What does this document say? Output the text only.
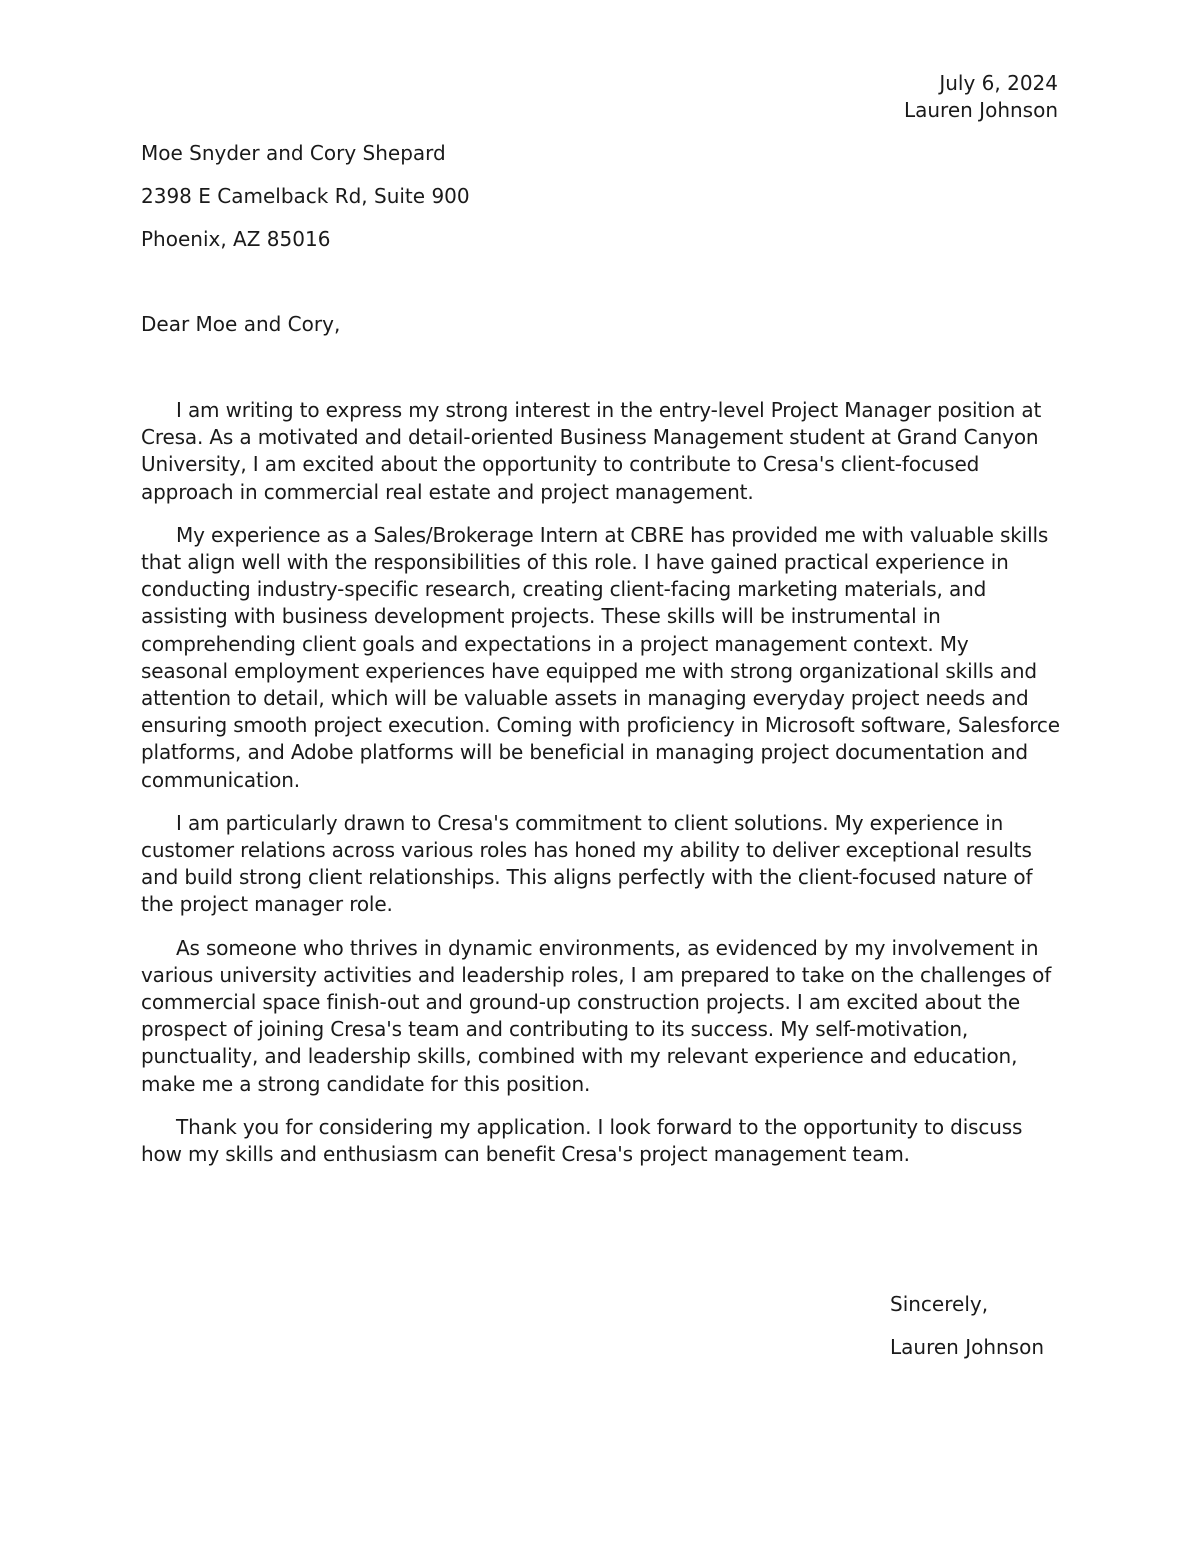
July 6, 2024
Lauren Johnson
Moe Snyder and Cory Shepard
2398 E Camelback Rd, Suite 900
Phoenix, AZ 85016
Dear Moe and Cory,

I am writing to express my strong interest in the entry-level Project Manager position at Cresa. As a motivated and detail-oriented Business Management student at Grand Canyon University, I am excited about the opportunity to contribute to Cresa's client-focused approach in commercial real estate and project management.

My experience as a Sales/Brokerage Intern at CBRE has provided me with valuable skills that align well with the responsibilities of this role. I have gained practical experience in conducting industry-specific research, creating client-facing marketing materials, and assisting with business development projects. These skills will be instrumental in comprehending client goals and expectations in a project management context. My seasonal employment experiences have equipped me with strong organizational skills and attention to detail, which will be valuable assets in managing everyday project needs and ensuring smooth project execution. Coming with proficiency in Microsoft software, Salesforce platforms, and Adobe platforms will be beneficial in managing project documentation and communication.

I am particularly drawn to Cresa's commitment to client solutions. My experience in customer relations across various roles has honed my ability to deliver exceptional results and build strong client relationships. This aligns perfectly with the client-focused nature of the project manager role.

As someone who thrives in dynamic environments, as evidenced by my involvement in various university activities and leadership roles, I am prepared to take on the challenges of commercial space finish-out and ground-up construction projects. I am excited about the prospect of joining Cresa's team and contributing to its success. My self-motivation, punctuality, and leadership skills, combined with my relevant experience and education, make me a strong candidate for this position.

Thank you for considering my application. I look forward to the opportunity to discuss how my skills and enthusiasm can benefit Cresa's project management team.

Sincerely,
Lauren Johnson
